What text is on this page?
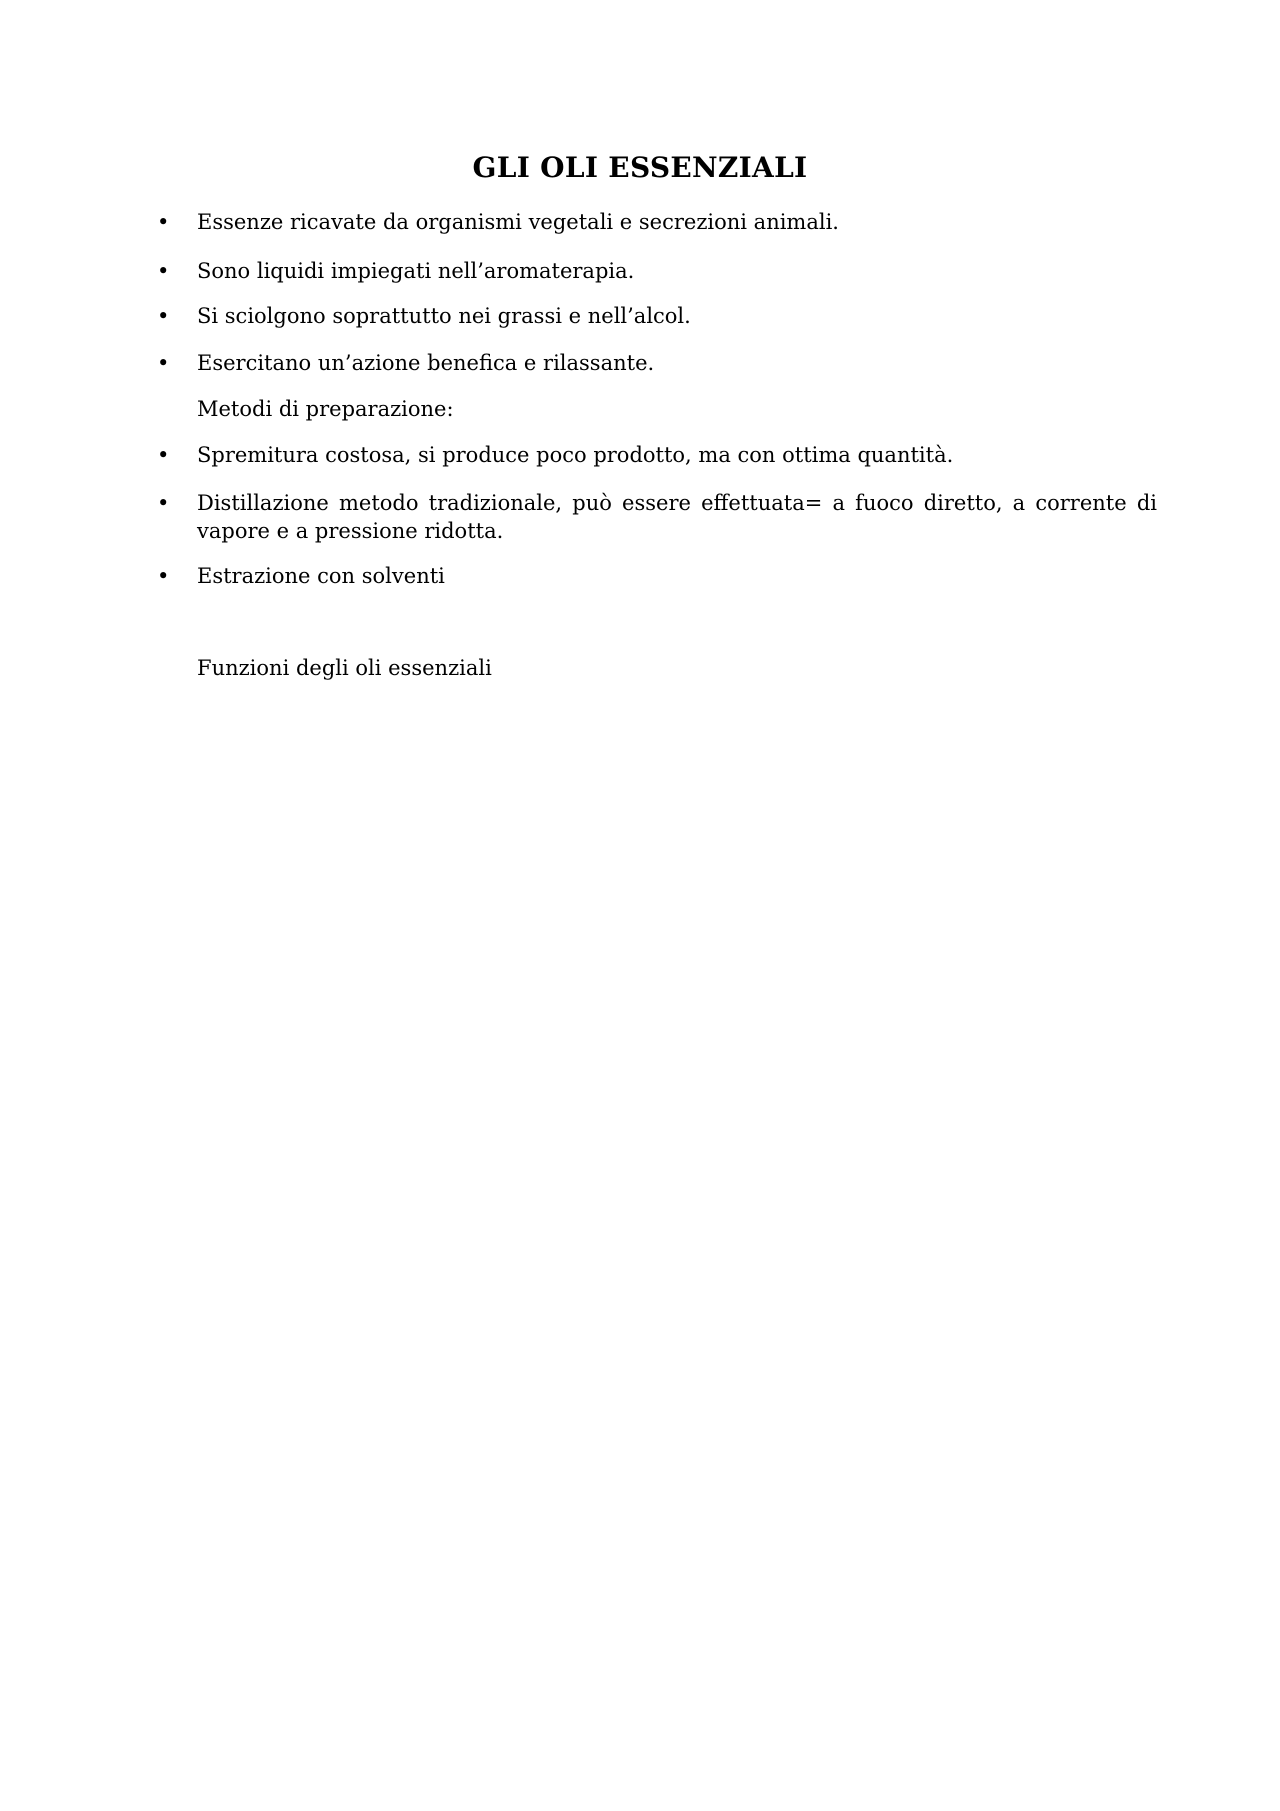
GLI OLI ESSENZIALI
• Essenze ricavate da organismi vegetali e secrezioni animali.
• Sono liquidi impiegati nell’aromaterapia.
• Si sciolgono soprattutto nei grassi e nell’alcol.
• Esercitano un’azione benefica e rilassante.
Metodi di preparazione:
• Spremitura costosa, si produce poco prodotto, ma con ottima quantità.
• Distillazione metodo tradizionale, può essere effettuata= a fuoco diretto, a corrente di vapore e a pressione ridotta.
• Estrazione con solventi
Funzioni degli oli essenziali
